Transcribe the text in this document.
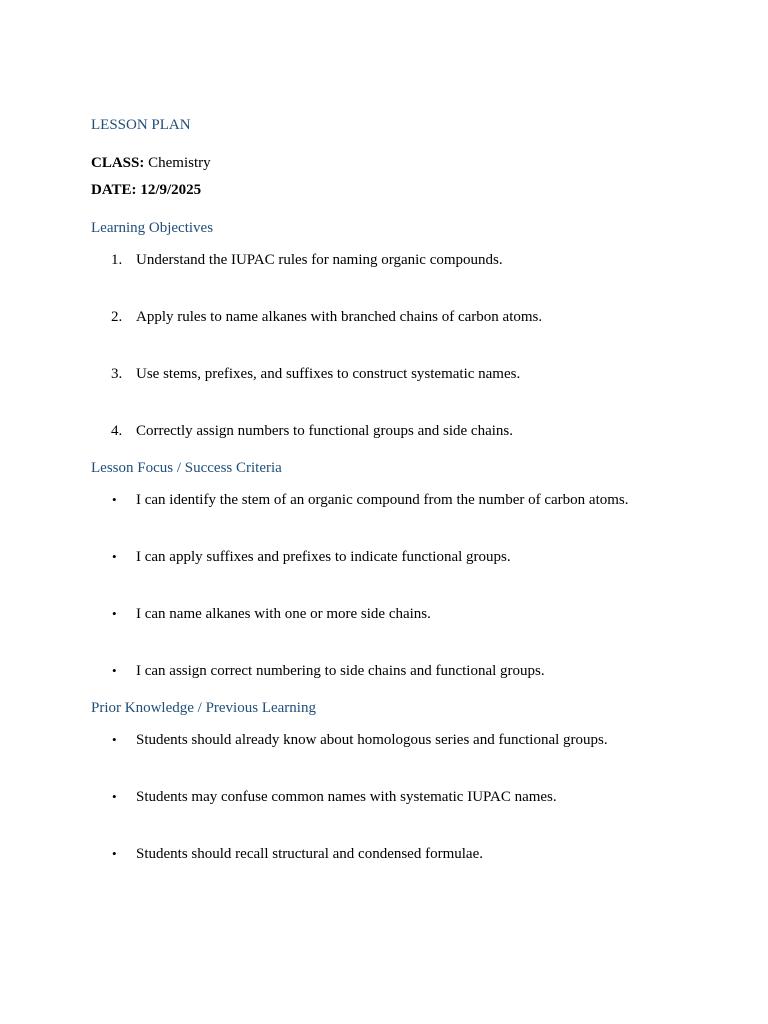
LESSON PLAN

CLASS: Chemistry

DATE: 12/9/2025

Learning Objectives

1. Understand the IUPAC rules for naming organic compounds.
2. Apply rules to name alkanes with branched chains of carbon atoms.
3. Use stems, prefixes, and suffixes to construct systematic names.
4. Correctly assign numbers to functional groups and side chains.

Lesson Focus / Success Criteria

•	I can identify the stem of an organic compound from the number of carbon atoms.
•	I can apply suffixes and prefixes to indicate functional groups.
•	I can name alkanes with one or more side chains.
•	I can assign correct numbering to side chains and functional groups.

Prior Knowledge / Previous Learning

•	Students should already know about homologous series and functional groups.
•	Students may confuse common names with systematic IUPAC names.
•	Students should recall structural and condensed formulae.
